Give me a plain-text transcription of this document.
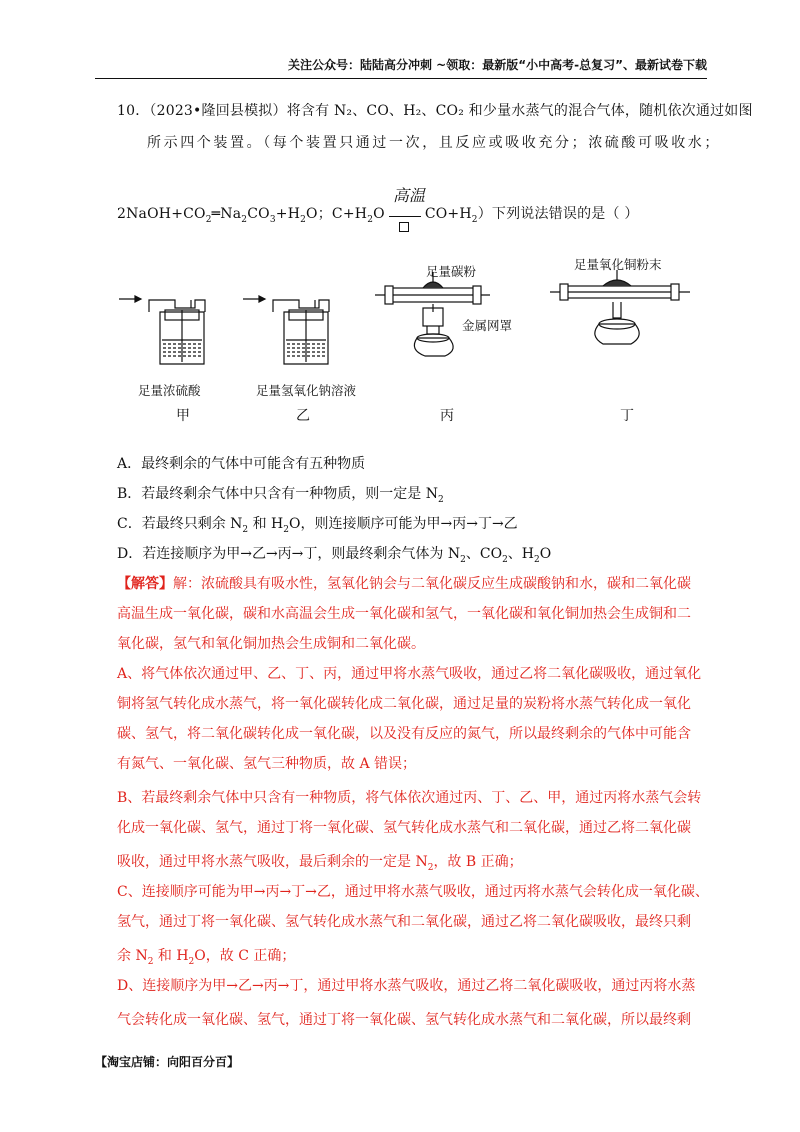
关注公众号：陆陆高分冲刺 ~领取：最新版“小中高考-总复习”、最新试卷下载
10．（2023•隆回县模拟）将含有 N₂、CO、H₂、CO₂ 和少量水蒸气的混合气体，随机依次通过如图
所示四个装置。（每个装置只通过一次，且反应或吸收充分；浓硫酸可吸收水；
$2NaOH+CO_2═Na_2CO_3+H_2O$；$C+H_2O$
高温
$CO+H_2$）下列说法错误的是（ ）
足量浓硫酸
甲
足量氢氧化钠溶液
乙
足量碳粉
金属网罩
丙
足量氧化铜粉末
丁
A．最终剩余的气体中可能含有五种物质
B．若最终剩余气体中只含有一种物质，则一定是 $N_2$
C．若最终只剩余 $N_2$ 和 $H_2O$，则连接顺序可能为甲→丙→丁→乙
D．若连接顺序为甲→乙→丙→丁，则最终剩余气体为 $N_2$、$CO_2$、$H_2O$
【解答】解：浓硫酸具有吸水性，氢氧化钠会与二氧化碳反应生成碳酸钠和水，碳和二氧化碳
高温生成一氧化碳，碳和水高温会生成一氧化碳和氢气，一氧化碳和氧化铜加热会生成铜和二
氧化碳，氢气和氧化铜加热会生成铜和二氧化碳。
A、将气体依次通过甲、乙、丁、丙，通过甲将水蒸气吸收，通过乙将二氧化碳吸收，通过氧化
铜将氢气转化成水蒸气，将一氧化碳转化成二氧化碳，通过足量的炭粉将水蒸气转化成一氧化
碳、氢气，将二氧化碳转化成一氧化碳，以及没有反应的氮气，所以最终剩余的气体中可能含
有氮气、一氧化碳、氢气三种物质，故 A 错误；
B、若最终剩余气体中只含有一种物质，将气体依次通过丙、丁、乙、甲，通过丙将水蒸气会转
化成一氧化碳、氢气，通过丁将一氧化碳、氢气转化成水蒸气和二氧化碳，通过乙将二氧化碳
吸收，通过甲将水蒸气吸收，最后剩余的一定是 $N_2$，故 B 正确；
C、连接顺序可能为甲→丙→丁→乙，通过甲将水蒸气吸收，通过丙将水蒸气会转化成一氧化碳、
氢气，通过丁将一氧化碳、氢气转化成水蒸气和二氧化碳，通过乙将二氧化碳吸收，最终只剩
余 $N_2$ 和 $H_2O$，故 C 正确；
D、连接顺序为甲→乙→丙→丁，通过甲将水蒸气吸收，通过乙将二氧化碳吸收，通过丙将水蒸
气会转化成一氧化碳、氢气，通过丁将一氧化碳、氢气转化成水蒸气和二氧化碳，所以最终剩
【淘宝店铺：向阳百分百】
